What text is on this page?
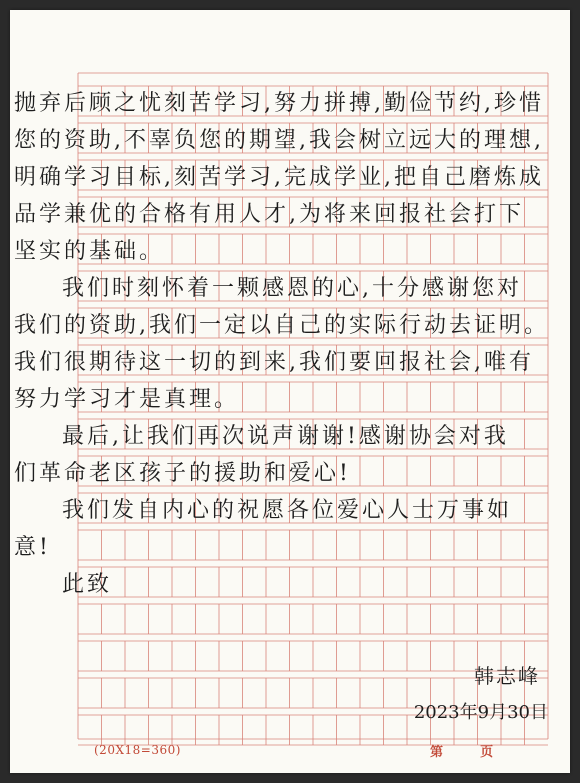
抛弃后顾之忧刻苦学习,努力拼搏,勤俭节约,珍惜
您的资助,不辜负您的期望,我会树立远大的理想,
明确学习目标,刻苦学习,完成学业,把自己磨炼成
品学兼优的合格有用人才,为将来回报社会打下
坚实的基础。
我们时刻怀着一颗感恩的心,十分感谢您对
我们的资助,我们一定以自己的实际行动去证明。
我们很期待这一切的到来,我们要回报社会,唯有
努力学习才是真理。
最后,让我们再次说声谢谢!感谢协会对我
们革命老区孩子的援助和爱心!
我们发自内心的祝愿各位爱心人士万事如
意!
此致
韩志峰
2023年9月30日
(20X18=360)	第	页
